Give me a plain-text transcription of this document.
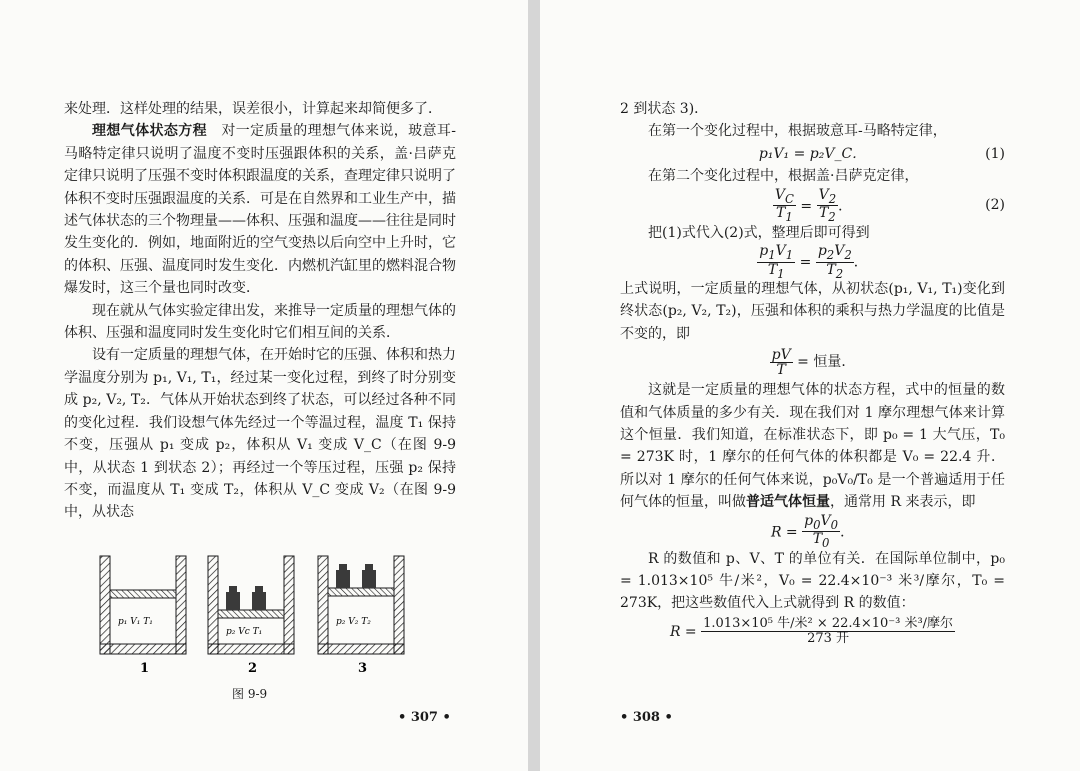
来处理．这样处理的结果，误差很小，计算起来却简便多了．

理想气体状态方程　 对一定质量的理想气体来说，玻意耳-马略特定律只说明了温度不变时压强跟体积的关系，盖·吕萨克定律只说明了压强不变时体积跟温度的关系，查理定律只说明了体积不变时压强跟温度的关系．可是在自然界和工业生产中，描述气体状态的三个物理量——体积、压强和温度——往往是同时发生变化的．例如，地面附近的空气变热以后向空中上升时，它的体积、压强、温度同时发生变化．内燃机汽缸里的燃料混合物爆发时，这三个量也同时改变．

现在就从气体实验定律出发，来推导一定质量的理想气体的体积、压强和温度同时发生变化时它们相互间的关系．

设有一定质量的理想气体，在开始时它的压强、体积和热力学温度分别为 p₁, V₁, T₁，经过某一变化过程，到终了时分别变成 p₂, V₂, T₂．气体从开始状态到终了状态，可以经过各种不同的变化过程．我们设想气体先经过一个等温过程，温度 T₁ 保持不变，压强从 p₁ 变成 p₂，体积从 V₁ 变成 V_C（在图 9-9 中，从状态 1 到状态 2）；再经过一个等压过程，压强 p₂ 保持不变，而温度从 T₁ 变成 T₂，体积从 V_C 变成 V₂（在图 9-9 中，从状态

p₁ V₁ T₁
p₂ Vc T₁
p₂ V₂ T₂
1	2	3
图 9-9
• 307 •

2 到状态 3)．

在第一个变化过程中，根据玻意耳-马略特定律，

p₁V₁ = p₂V_C．	(1)

在第二个变化过程中，根据盖·吕萨克定律，

$\frac{V_C}{T_1} = \frac{V_2}{T_2}$ ．	(2)

把(1)式代入(2)式，整理后即可得到

$\frac{p_1V_1}{T_1} = \frac{p_2V_2}{T_2}$ ．

上式说明，一定质量的理想气体，从初状态(p₁, V₁, T₁)变化到终状态(p₂, V₂, T₂)，压强和体积的乘积与热力学温度的比值是不变的，即

$\frac{pV}{T}$ = 恒量．

这就是一定质量的理想气体的状态方程，式中的恒量的数值和气体质量的多少有关．现在我们对 1 摩尔理想气体来计算这个恒量．我们知道，在标准状态下，即 p₀ = 1 大气压，T₀ = 273K 时，1 摩尔的任何气体的体积都是 V₀ = 22.4 升．所以对 1 摩尔的任何气体来说，p₀V₀/T₀ 是一个普遍适用于任何气体的恒量，叫做普适气体恒量，通常用 R 来表示，即

$R = \frac{p_0V_0}{T_0}$ ．

R 的数值和 p、V、T 的单位有关．在国际单位制中，p₀ = 1.013×10⁵ 牛/米²，V₀ = 22.4×10⁻³ 米³/摩尔，T₀ = 273K，把这些数值代入上式就得到 R 的数值：

$R = \frac{\text{1.013×10⁵ 牛/米² × 22.4×10⁻³ 米³/摩尔}}{\text{273 开}}$
• 308 •
